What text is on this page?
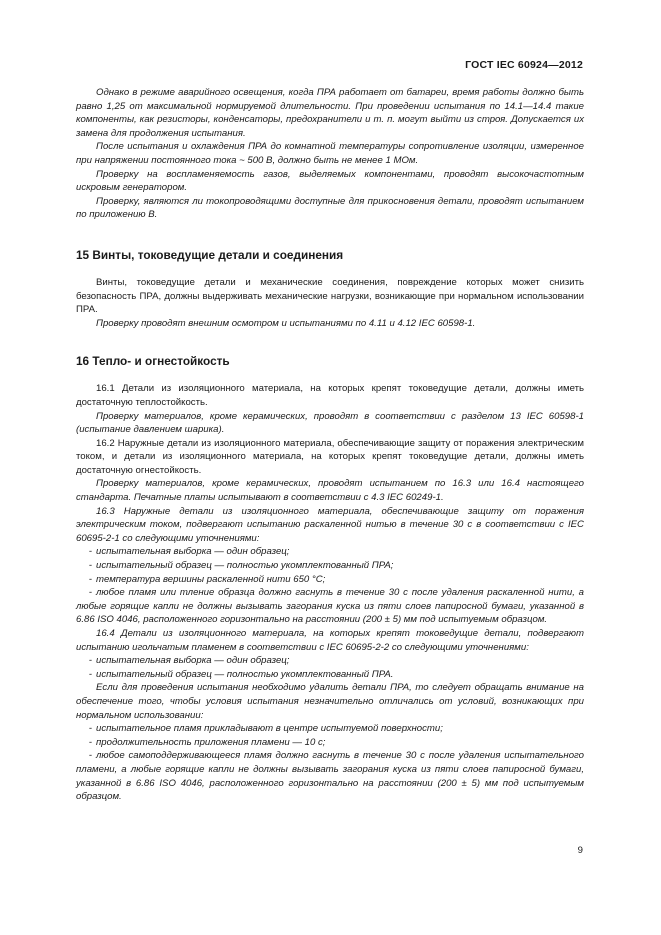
ГОСТ IEC 60924—2012

Однако в режиме аварийного освещения, когда ПРА работает от батареи, время работы должно быть равно 1,25 от максимальной нормируемой длительности. При проведении испытания по 14.1—14.4 такие компоненты, как резисторы, конденсаторы, предохранители и т. п. могут выйти из строя. Допускается их замена для продолжения испытания.

После испытания и охлаждения ПРА до комнатной температуры сопротивление изоляции, измеренное при напряжении постоянного тока ~ 500 В, должно быть не менее 1 МОм.

Проверку на воспламеняемость газов, выделяемых компонентами, проводят высокочастотным искровым генератором.

Проверку, являются ли токопроводящими доступные для прикосновения детали, проводят испытанием по приложению В.

15 Винты, токоведущие детали и соединения

Винты, токоведущие детали и механические соединения, повреждение которых может снизить безопасность ПРА, должны выдерживать механические нагрузки, возникающие при нормальном использовании ПРА.

Проверку проводят внешним осмотром и испытаниями по 4.11 и 4.12 IEC 60598-1.

16 Тепло- и огнестойкость

16.1 Детали из изоляционного материала, на которых крепят токоведущие детали, должны иметь достаточную теплостойкость.

Проверку материалов, кроме керамических, проводят в соответствии с разделом 13 IEC 60598-1 (испытание давлением шарика).

16.2 Наружные детали из изоляционного материала, обеспечивающие защиту от поражения электрическим током, и детали из изоляционного материала, на которых крепят токоведущие детали, должны иметь достаточную огнестойкость.

Проверку материалов, кроме керамических, проводят испытанием по 16.3 или 16.4 настоящего стандарта. Печатные платы испытывают в соответствии с 4.3 IEC 60249-1.

16.3 Наружные детали из изоляционного материала, обеспечивающие защиту от поражения электрическим током, подвергают испытанию раскаленной нитью в течение 30 с в соответствии с IEC 60695-2-1 со следующими уточнениями:

- испытательная выборка — один образец;

- испытательный образец — полностью укомплектованный ПРА;

- температура вершины раскаленной нити 650 °С;

- любое пламя или тление образца должно гаснуть в течение 30 с после удаления раскаленной нити, а любые горящие капли не должны вызывать загорания куска из пяти слоев папиросной бумаги, указанной в 6.86 ISO 4046, расположенного горизонтально на расстоянии (200 ± 5) мм под испытуемым образцом.

16.4 Детали из изоляционного материала, на которых крепят токоведущие детали, подвергают испытанию игольчатым пламенем в соответствии с IEC 60695-2-2 со следующими уточнениями:

- испытательная выборка — один образец;

- испытательный образец — полностью укомплектованный ПРА.

Если для проведения испытания необходимо удалить детали ПРА, то следует обращать внимание на обеспечение того, чтобы условия испытания незначительно отличались от условий, возникающих при нормальном использовании:

- испытательное пламя прикладывают в центре испытуемой поверхности;

- продолжительность приложения пламени — 10 с;

- любое самоподдерживающееся пламя должно гаснуть в течение 30 с после удаления испытательного пламени, а любые горящие капли не должны вызывать загорания куска из пяти слоев папиросной бумаги, указанной в 6.86 ISO 4046, расположенного горизонтально на расстоянии (200 ± 5) мм под испытуемым образцом.

9
